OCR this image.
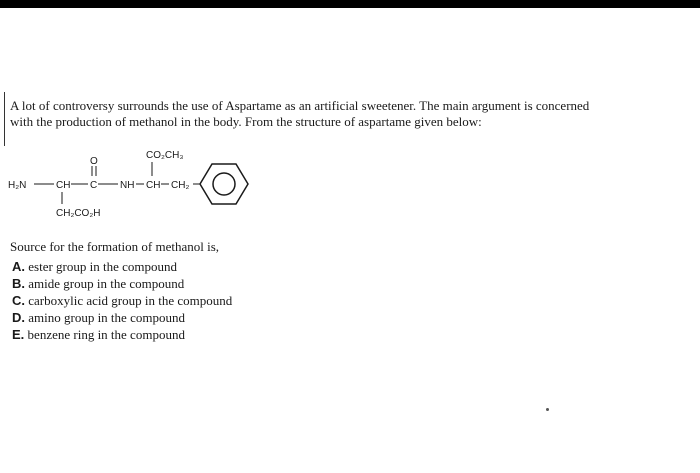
A lot of controversy surrounds the use of Aspartame as an artificial sweetener. The main argument is concerned
with the production of methanol in the body. From the structure of aspartame given below:
H₂N	CH C
O
NH CH CH₂
CO₂CH₃
CH₂CO₂H
Source for the formation of methanol is,
A. ester group in the compound
B. amide group in the compound
C. carboxylic acid group in the compound
D. amino group in the compound
E. benzene ring in the compound
